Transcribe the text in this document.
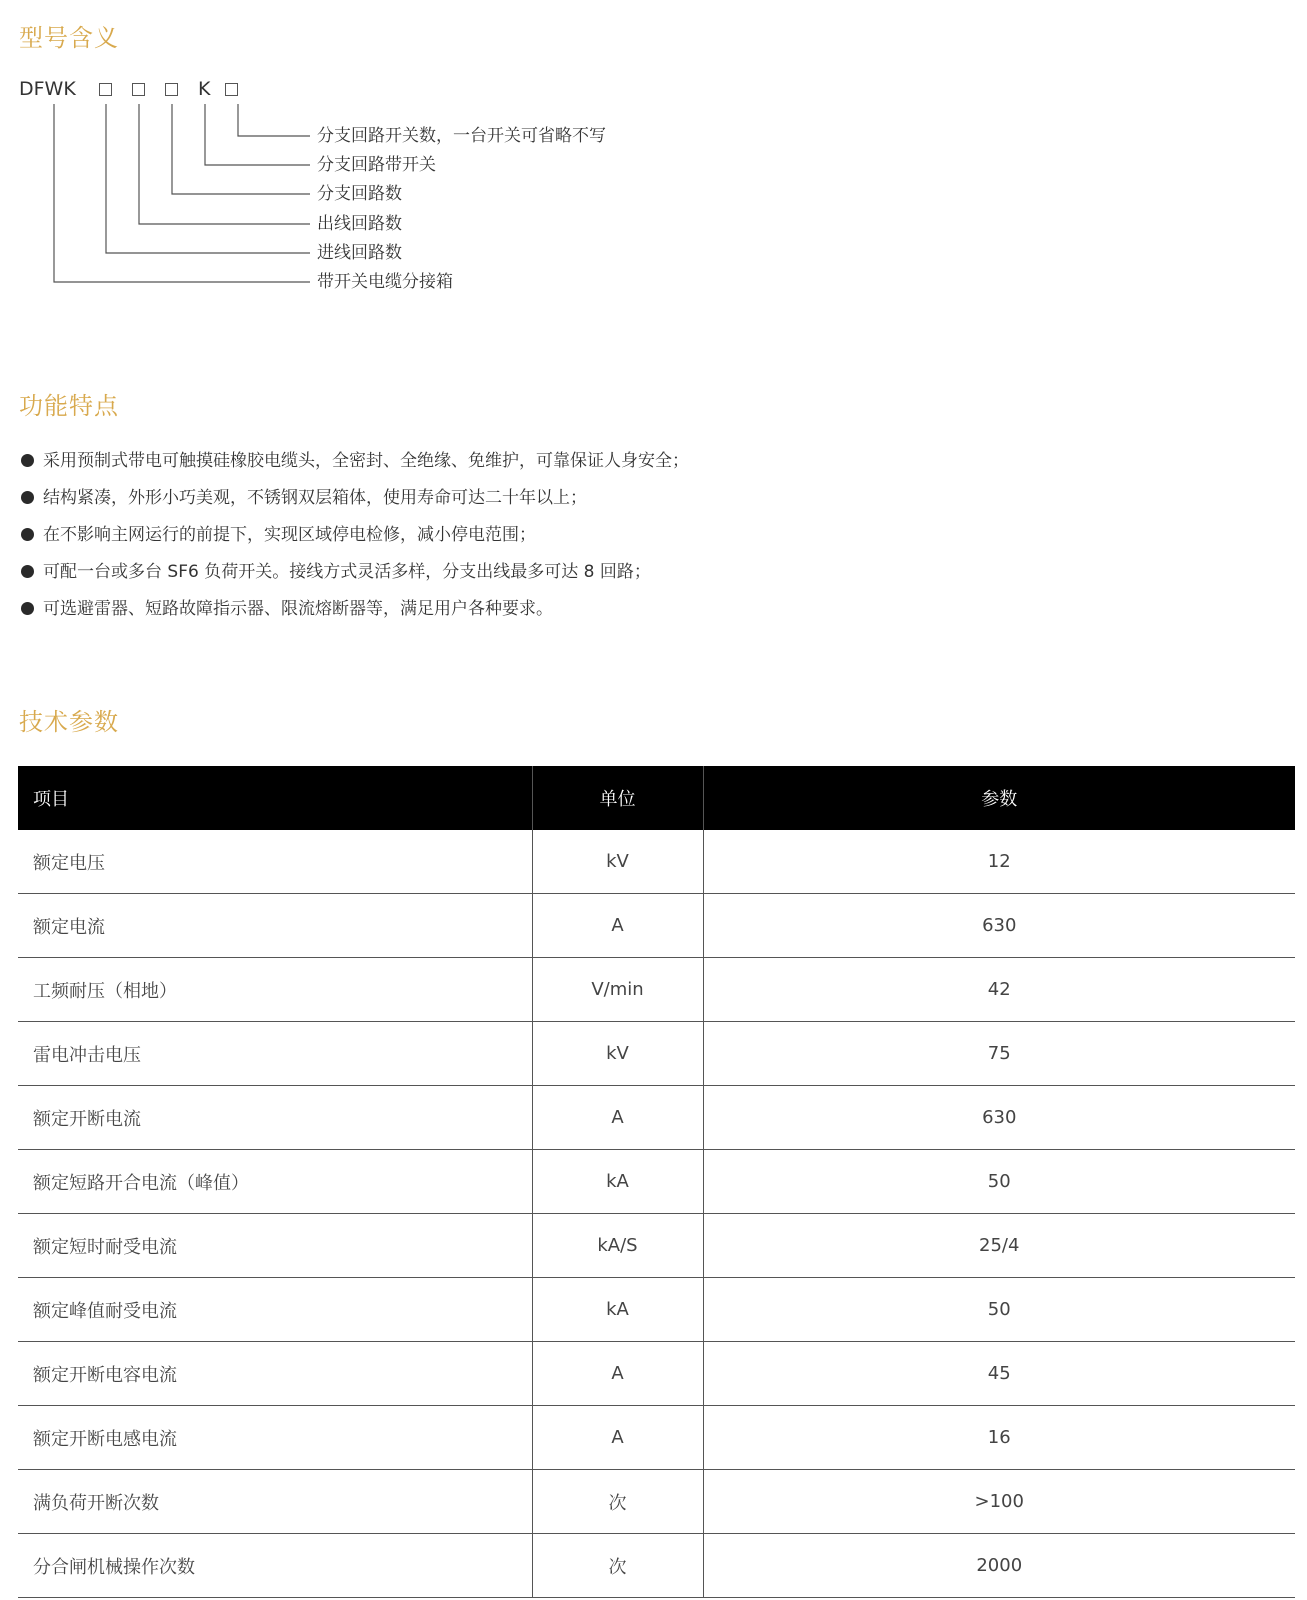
型号含义
DFWK	K
分支回路开关数，一台开关可省略不写
分支回路带开关
分支回路数
出线回路数
进线回路数
带开关电缆分接箱
功能特点
采用预制式带电可触摸硅橡胶电缆头，全密封、全绝缘、免维护，可靠保证人身安全；
结构紧凑，外形小巧美观，不锈钢双层箱体，使用寿命可达二十年以上；
在不影响主网运行的前提下，实现区域停电检修，减小停电范围；
可配一台或多台 SF6 负荷开关。接线方式灵活多样，分支出线最多可达 8 回路；
可选避雷器、短路故障指示器、限流熔断器等，满足用户各种要求。
技术参数
项目	单位	参数
额定电压	kV	12
额定电流	A	630
工频耐压（相地）	V/min	42
雷电冲击电压	kV	75
额定开断电流	A	630
额定短路开合电流（峰值）	kA	50
额定短时耐受电流	kA/S	25/4
额定峰值耐受电流	kA	50
额定开断电容电流	A	45
额定开断电感电流	A	16
满负荷开断次数	次	>100
分合闸机械操作次数	次	2000
